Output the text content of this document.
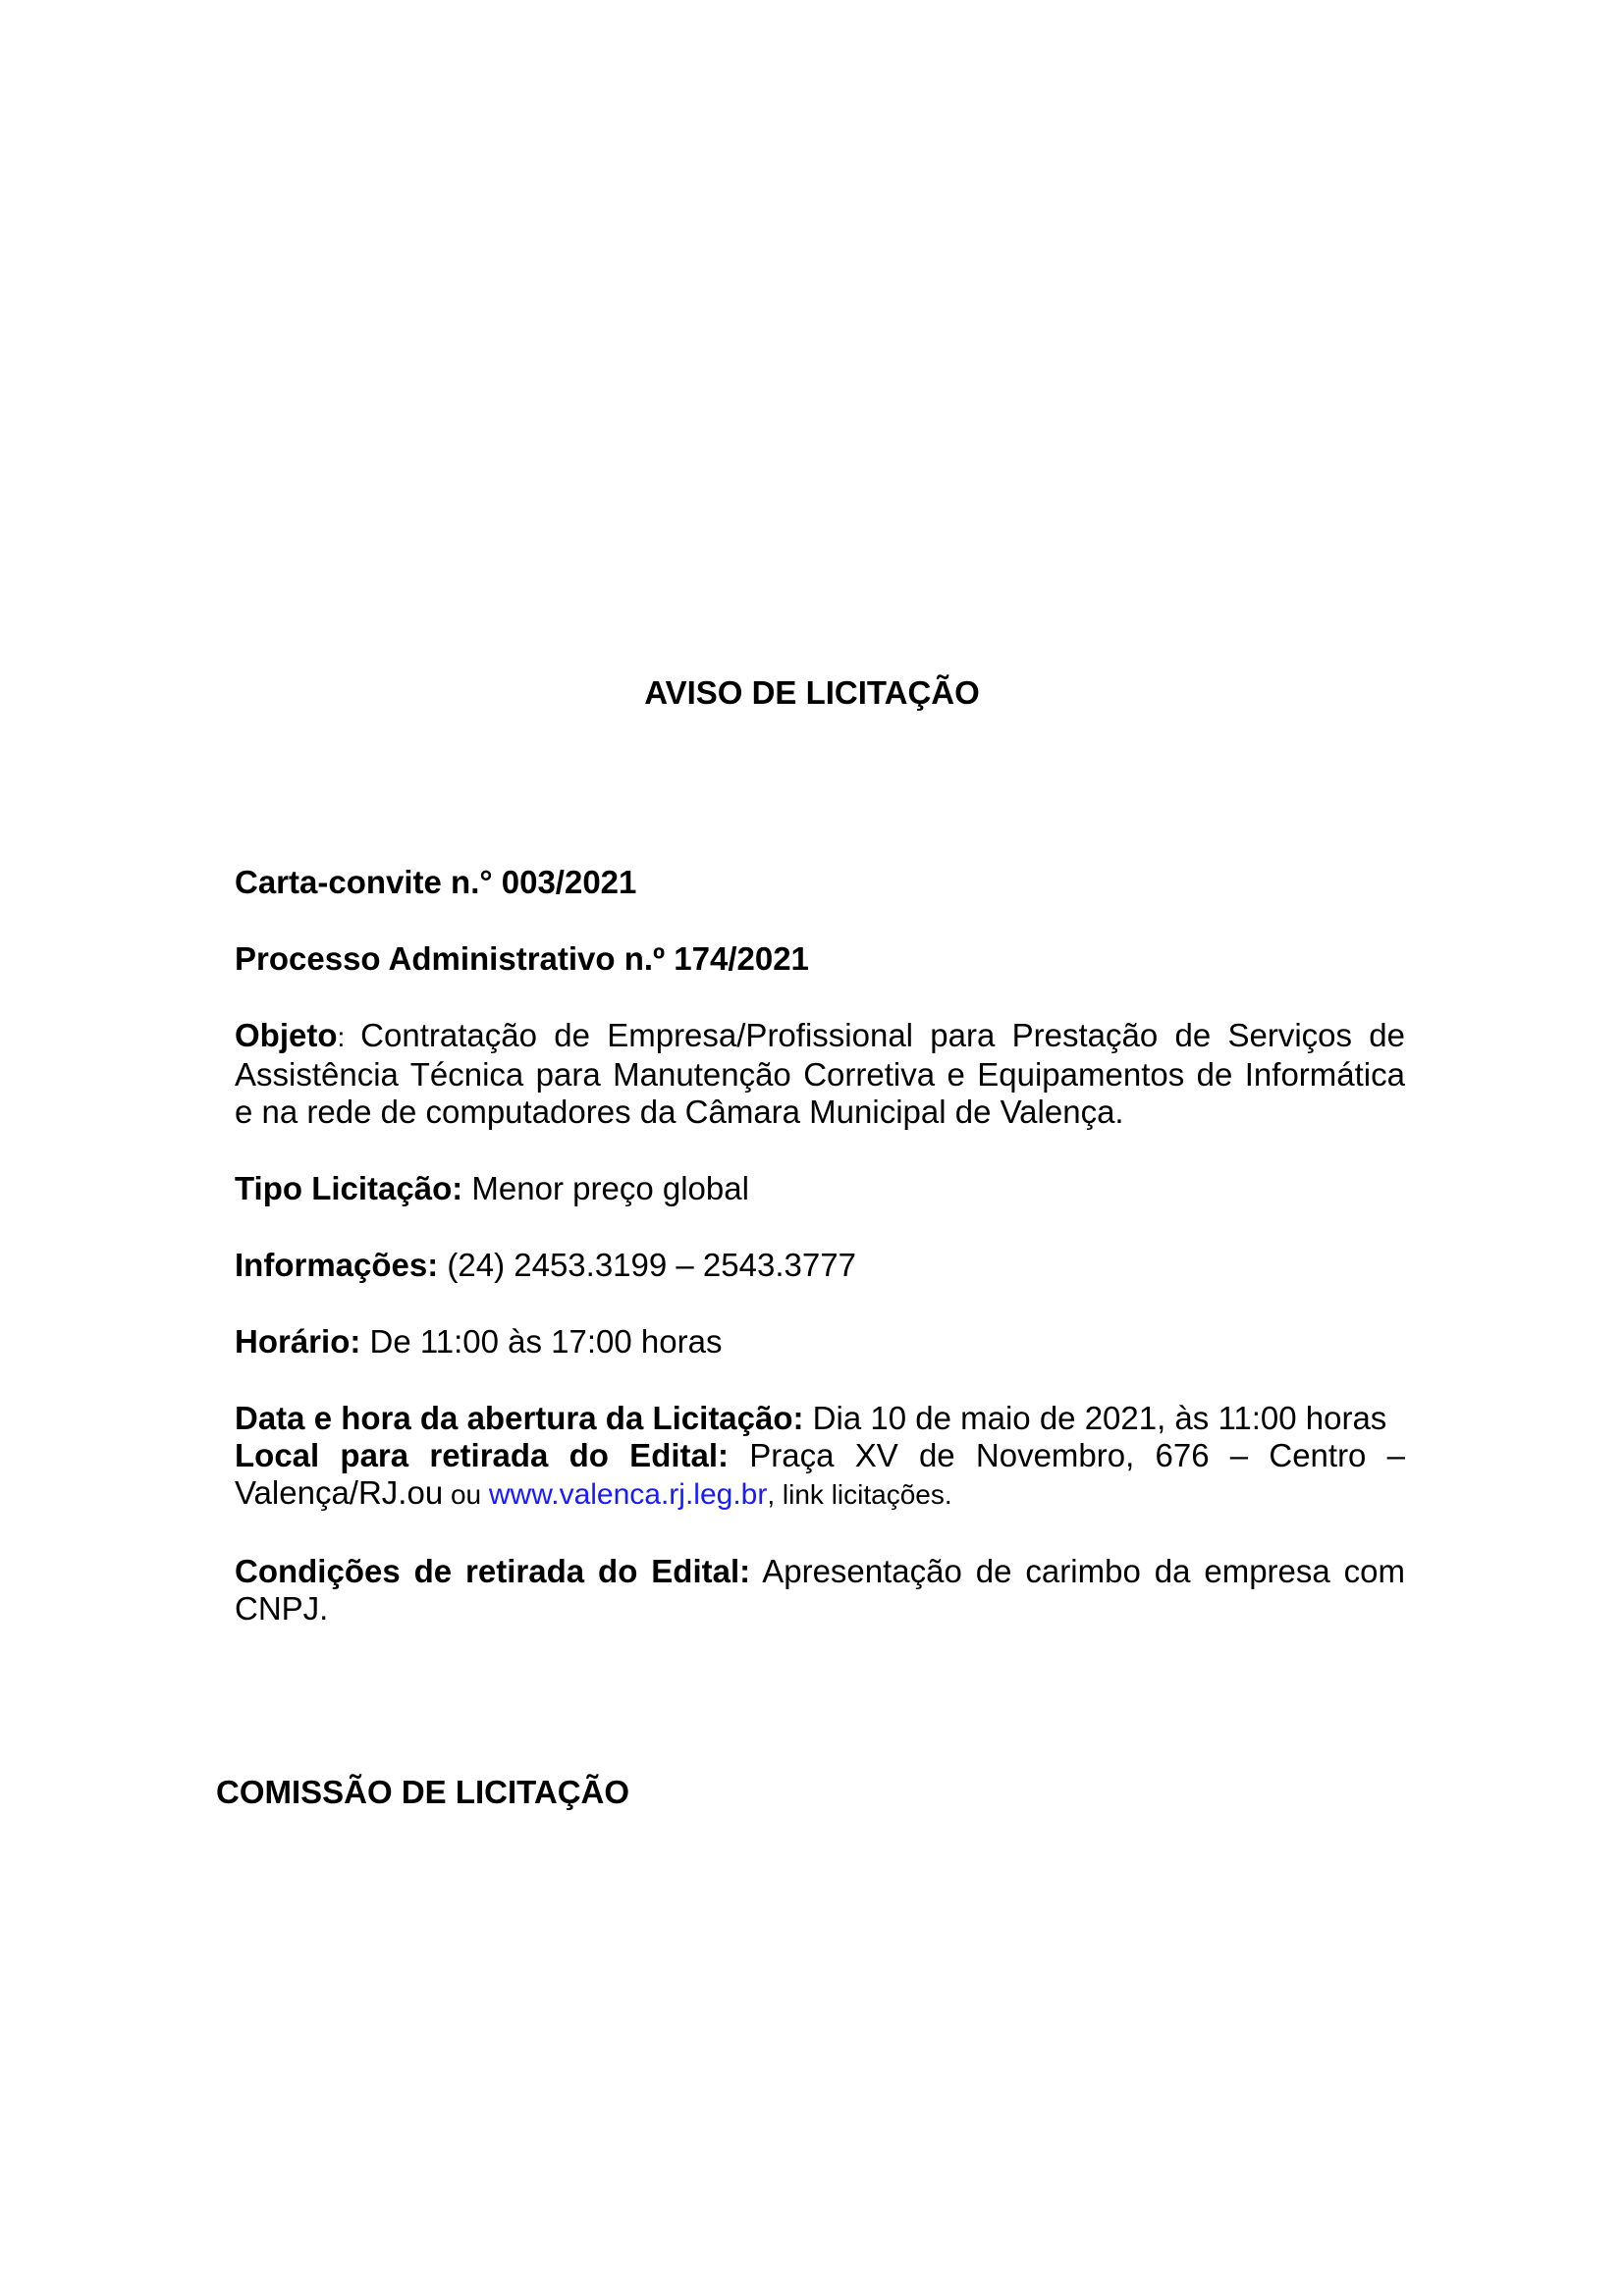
AVISO DE LICITAÇÃO

Carta-convite n.° 003/2021

Processo Administrativo n.º 174/2021

Objeto: Contratação de Empresa/Profissional para Prestação de Serviços de Assistência Técnica para Manutenção Corretiva e Equipamentos de Informática e na rede de computadores da Câmara Municipal de Valença.

Tipo Licitação: Menor preço global

Informações: (24) 2453.3199 – 2543.3777

Horário: De 11:00 às 17:00 horas

Data e hora da abertura da Licitação: Dia 10 de maio de 2021, às 11:00 horas

Local para retirada do Edital: Praça XV de Novembro, 676 – Centro – Valença/RJ.ou ou www.valenca.rj.leg.br, link licitações.

Condições de retirada do Edital: Apresentação de carimbo da empresa com CNPJ.

COMISSÃO DE LICITAÇÃO
